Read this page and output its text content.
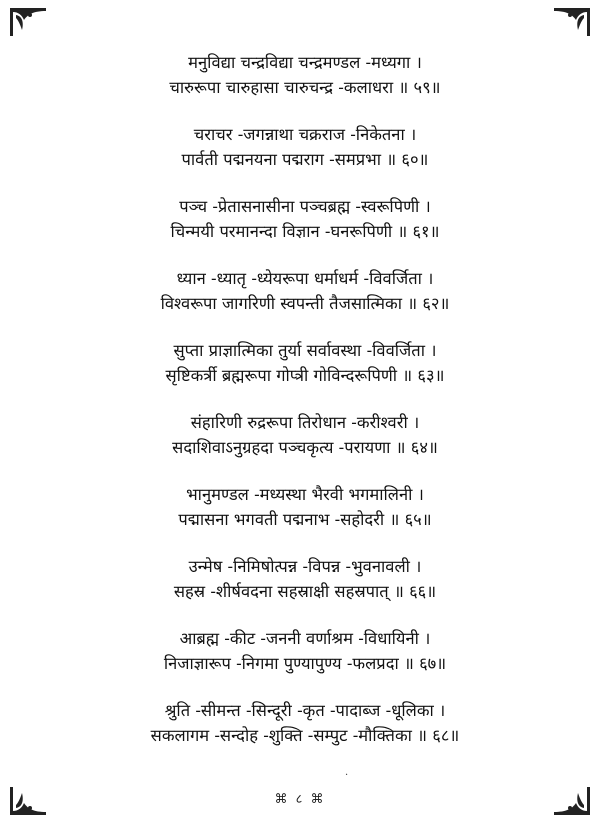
मनुविद्या चन्द्रविद्या चन्द्रमण्डल -मध्यगा ।
चारुरूपा चारुहासा चारुचन्द्र -कलाधरा ॥ ५९॥
चराचर -जगन्नाथा चक्रराज -निकेतना ।
पार्वती पद्मनयना पद्मराग -समप्रभा ॥ ६०॥
पञ्च -प्रेतासनासीना पञ्चब्रह्म -स्वरूपिणी ।
चिन्मयी परमानन्दा विज्ञान -घनरूपिणी ॥ ६१॥
ध्यान -ध्यातृ -ध्येयरूपा धर्माधर्म -विवर्जिता ।
विश्वरूपा जागरिणी स्वपन्ती तैजसात्मिका ॥ ६२॥
सुप्ता प्राज्ञात्मिका तुर्या सर्वावस्था -विवर्जिता ।
सृष्टिकर्त्री ब्रह्मरूपा गोप्त्री गोविन्दरूपिणी ॥ ६३॥
संहारिणी रुद्ररूपा तिरोधान -करीश्वरी ।
सदाशिवाऽनुग्रहदा पञ्चकृत्य -परायणा ॥ ६४॥
भानुमण्डल -मध्यस्था भैरवी भगमालिनी ।
पद्मासना भगवती पद्मनाभ -सहोदरी ॥ ६५॥
उन्मेष -निमिषोत्पन्न -विपन्न -भुवनावली ।
सहस्र -शीर्षवदना सहस्राक्षी सहस्रपात् ॥ ६६॥
आब्रह्म -कीट -जननी वर्णाश्रम -विधायिनी ।
निजाज्ञारूप -निगमा पुण्यापुण्य -फलप्रदा ॥ ६७॥
श्रुति -सीमन्त -सिन्दूरी -कृत -पादाब्ज -धूलिका ।
सकलागम -सन्दोह -शुक्ति -सम्पुट -मौक्तिका ॥ ६८॥
·
⌘ ८ ⌘
